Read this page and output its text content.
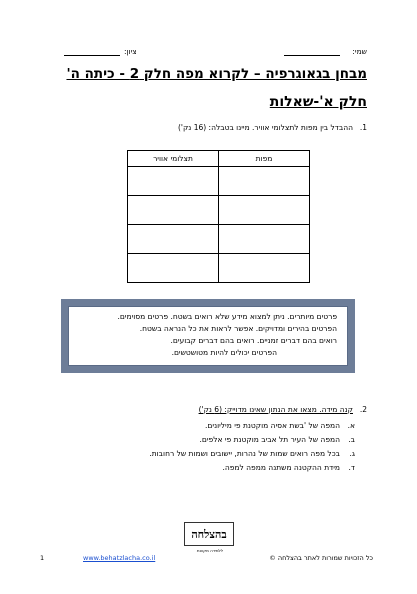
שמי:
ציון:
מבחן בגאוגרפיה – לקרוא מפה חלק 2 - כיתה ה'
חלק א'-שאלות
1.
ההבדל בין מפות לתצלומי אוויר. מיינו בטבלה: (16 נק')
מפות	תצלומי אוויר

פרטים מיותרים. ניתן למצוא מידע שלא רואים בשטח. פרטים מסוימים.
הפרטים בהירים ומדויקים. אפשר לראות את כל הנראה בשטח.
רואים בהם דברים זמניים. רואים בהם דברים קבועים.
הפרטים יכולים להיות מטושטשים.
2.
קנה מידה. מצאו את הנתון שאינו מדוייק: (6 נק')
א.
המפה של 'בשת אסיה מוקטנת פי מיליונים.
ב.
המפה של העיר תל אביב מוקטנת פי אלפים.
ג.
בכל מפה רואים שמות של נהרות, יישובים ושמות של רחובות.
ד.
מידת ההקטנה משתנה ממפה למפה.
בהצלחה
ללמידה מקוונת
1	www.behatzlacha.co.il	כל הזכויות שמורות לאתר בהצלחה ©
